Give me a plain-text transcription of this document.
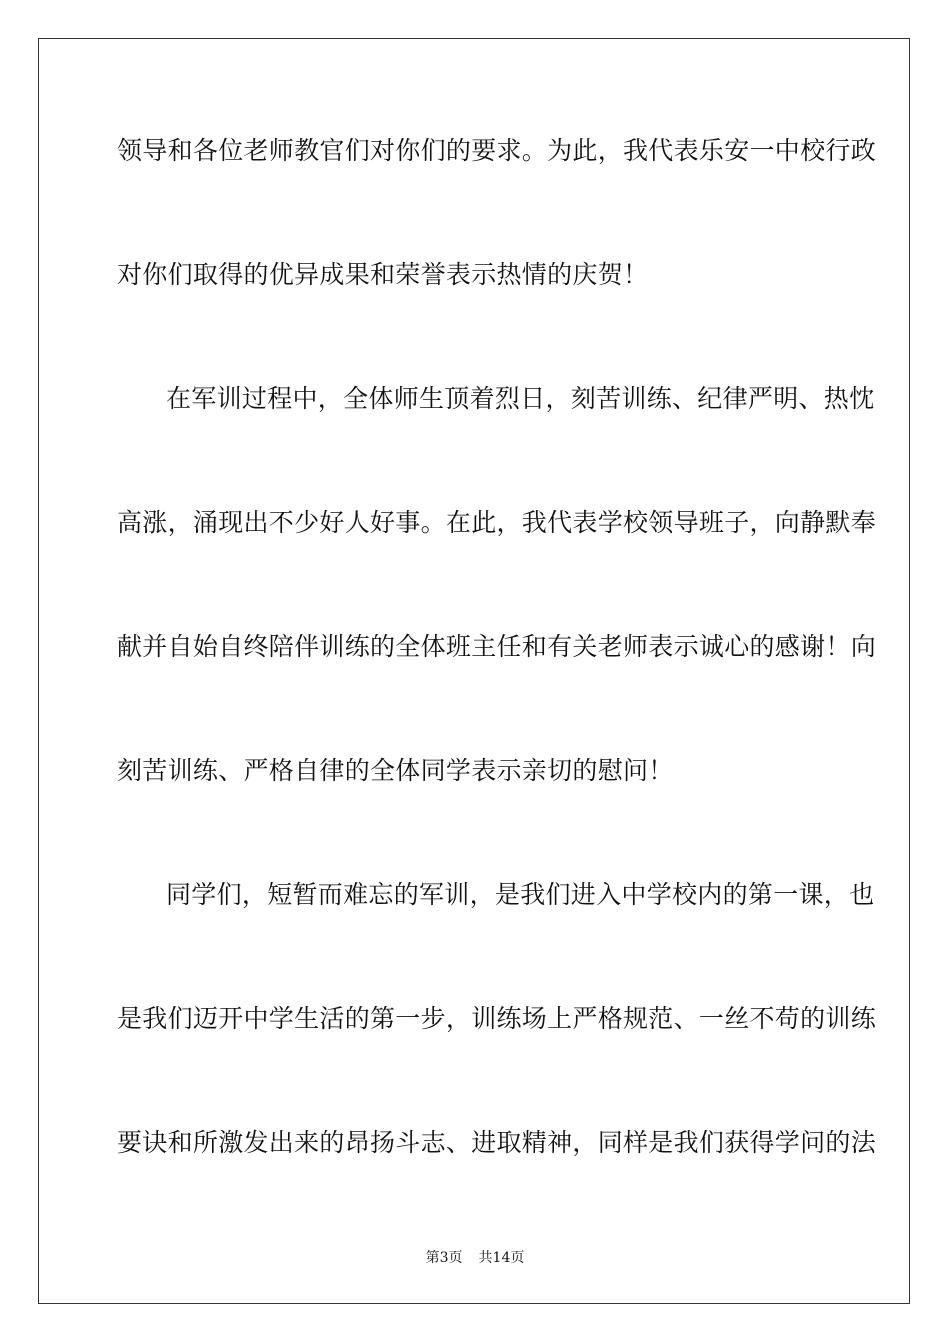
领导和各位老师教官们对你们的要求。为此，我代表乐安一中校行政
对你们取得的优异成果和荣誉表示热情的庆贺！
在军训过程中，全体师生顶着烈日，刻苦训练、纪律严明、热忱
高涨，涌现出不少好人好事。在此，我代表学校领导班子，向静默奉
献并自始自终陪伴训练的全体班主任和有关老师表示诚心的感谢！向
刻苦训练、严格自律的全体同学表示亲切的慰问！
同学们，短暂而难忘的军训，是我们进入中学校内的第一课，也
是我们迈开中学生活的第一步，训练场上严格规范、一丝不苟的训练
要诀和所激发出来的昂扬斗志、进取精神，同样是我们获得学问的法
第3页 共14页
